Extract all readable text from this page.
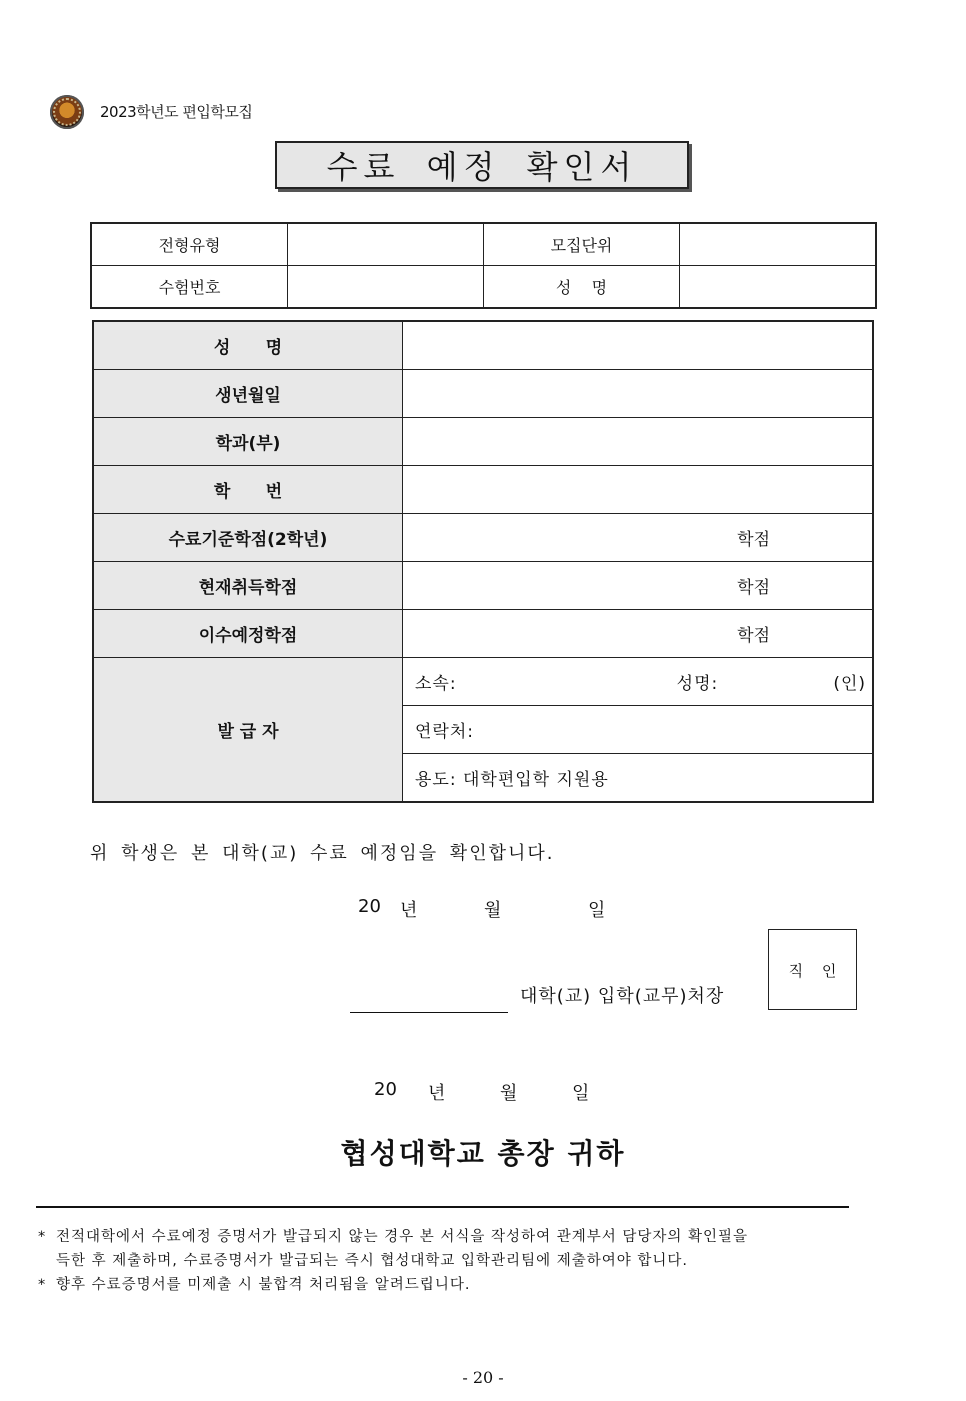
2023학년도 편입학모집
수료 예정 확인서
전형유형		모집단위	
수험번호		성    명	
성      명	
생년월일	
학과(부)	
학      번	
수료기준학점(2학년)	학점
현재취득학점	학점
이수예정학점	학점
발 급 자	소속: 성명: (인)

	연락처:
	용도: 대학편입학 지원용
위 학생은 본 대학(교) 수료 예정임을 확인합니다.
20 년	월	일
대학(교) 입학(교무)처장
직 인
20 년	월	일
협성대학교 총장 귀하
* 전적대학에서 수료예정 증명서가 발급되지 않는 경우 본 서식을 작성하여 관계부서 담당자의 확인필을
득한 후 제출하며, 수료증명서가 발급되는 즉시 협성대학교 입학관리팀에 제출하여야 합니다.
* 향후 수료증명서를 미제출 시 불합격 처리됨을 알려드립니다.
- 20 -
